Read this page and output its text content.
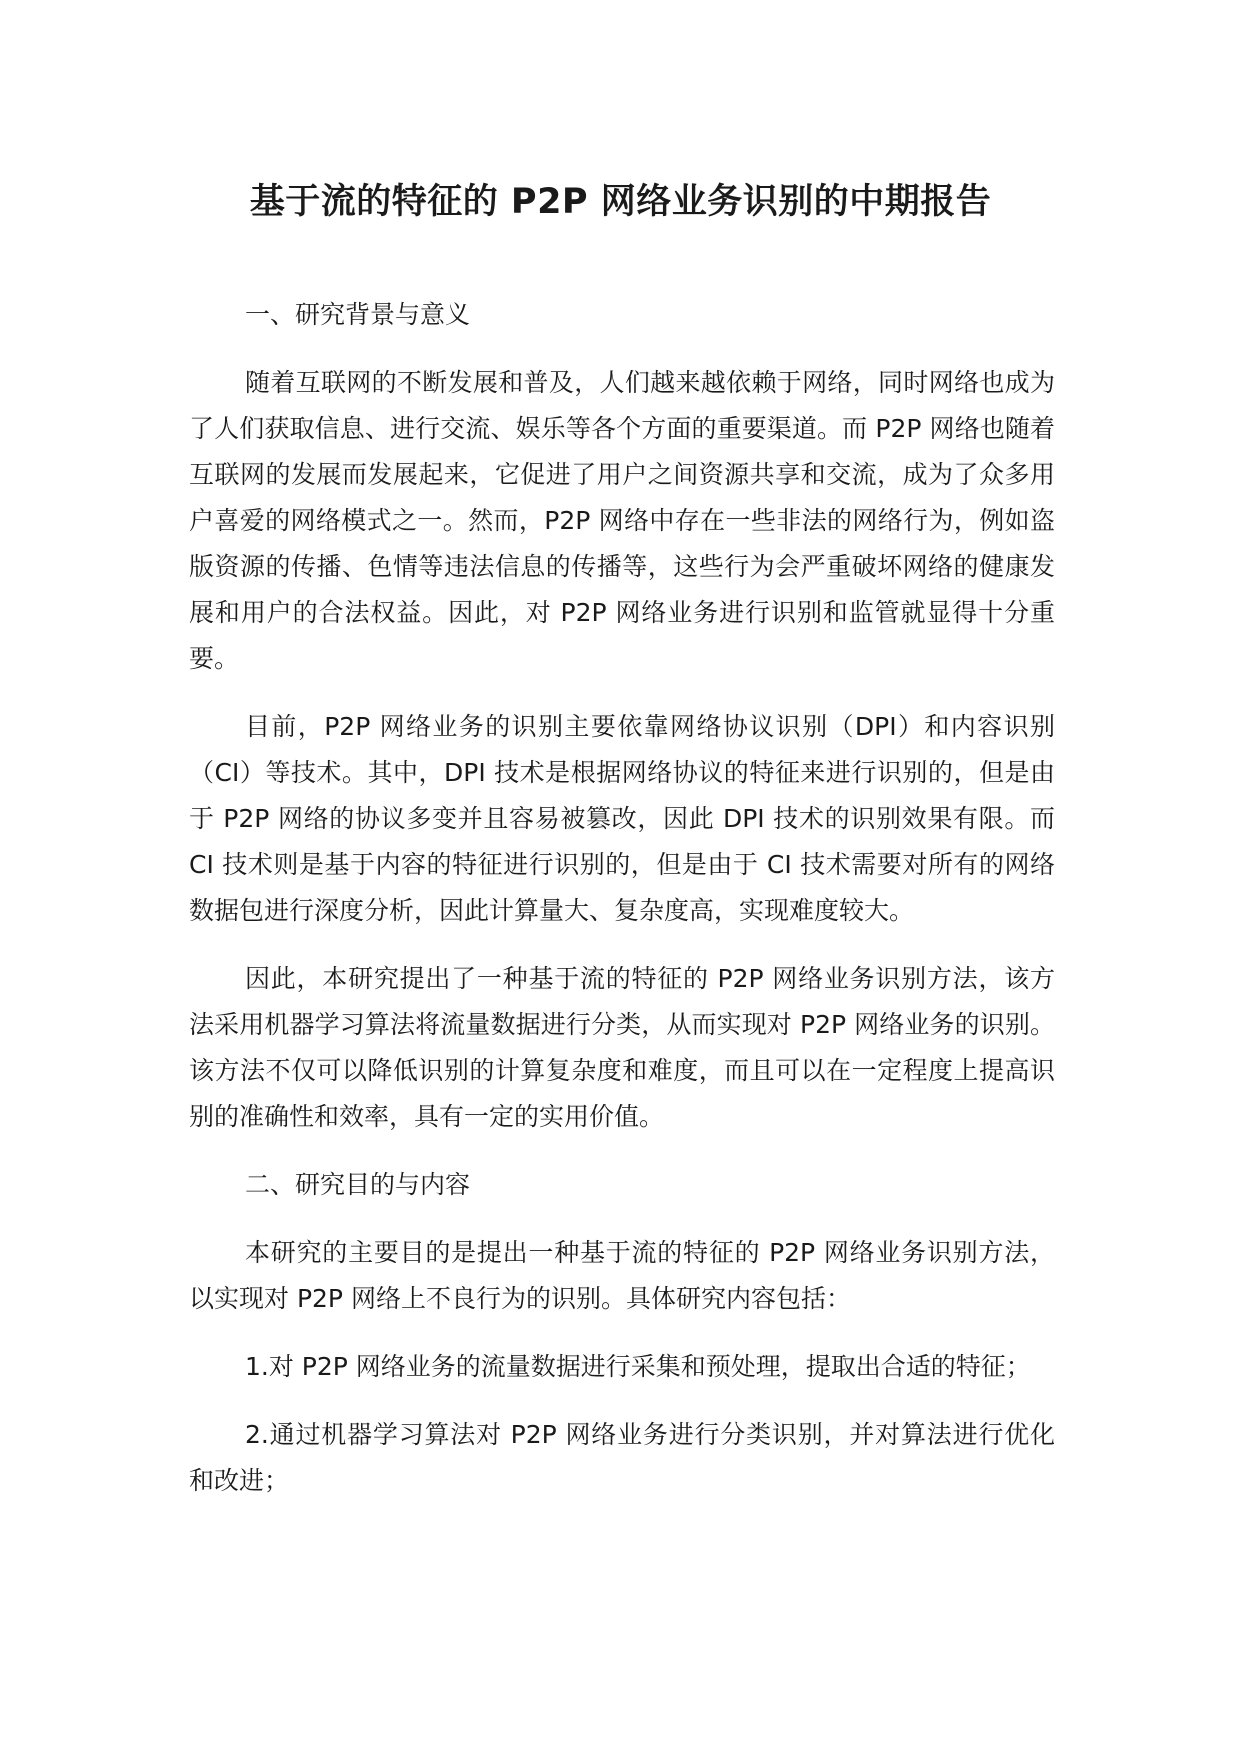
基于流的特征的 P2P 网络业务识别的中期报告

一、研究背景与意义

随着互联网的不断发展和普及，人们越来越依赖于网络，同时网络也成为了人们获取信息、进行交流、娱乐等各个方面的重要渠道。而 P2P 网络也随着互联网的发展而发展起来，它促进了用户之间资源共享和交流，成为了众多用户喜爱的网络模式之一。然而，P2P 网络中存在一些非法的网络行为，例如盗版资源的传播、色情等违法信息的传播等，这些行为会严重破坏网络的健康发展和用户的合法权益。因此，对 P2P 网络业务进行识别和监管就显得十分重要。

目前，P2P 网络业务的识别主要依靠网络协议识别（DPI）和内容识别（CI）等技术。其中，DPI 技术是根据网络协议的特征来进行识别的，但是由于 P2P 网络的协议多变并且容易被篡改，因此 DPI 技术的识别效果有限。而 CI 技术则是基于内容的特征进行识别的，但是由于 CI 技术需要对所有的网络数据包进行深度分析，因此计算量大、复杂度高，实现难度较大。

因此，本研究提出了一种基于流的特征的 P2P 网络业务识别方法，该方法采用机器学习算法将流量数据进行分类，从而实现对 P2P 网络业务的识别。该方法不仅可以降低识别的计算复杂度和难度，而且可以在一定程度上提高识别的准确性和效率，具有一定的实用价值。

二、研究目的与内容

本研究的主要目的是提出一种基于流的特征的 P2P 网络业务识别方法，以实现对 P2P 网络上不良行为的识别。具体研究内容包括：

1.对 P2P 网络业务的流量数据进行采集和预处理，提取出合适的特征；

2.通过机器学习算法对 P2P 网络业务进行分类识别，并对算法进行优化和改进；
